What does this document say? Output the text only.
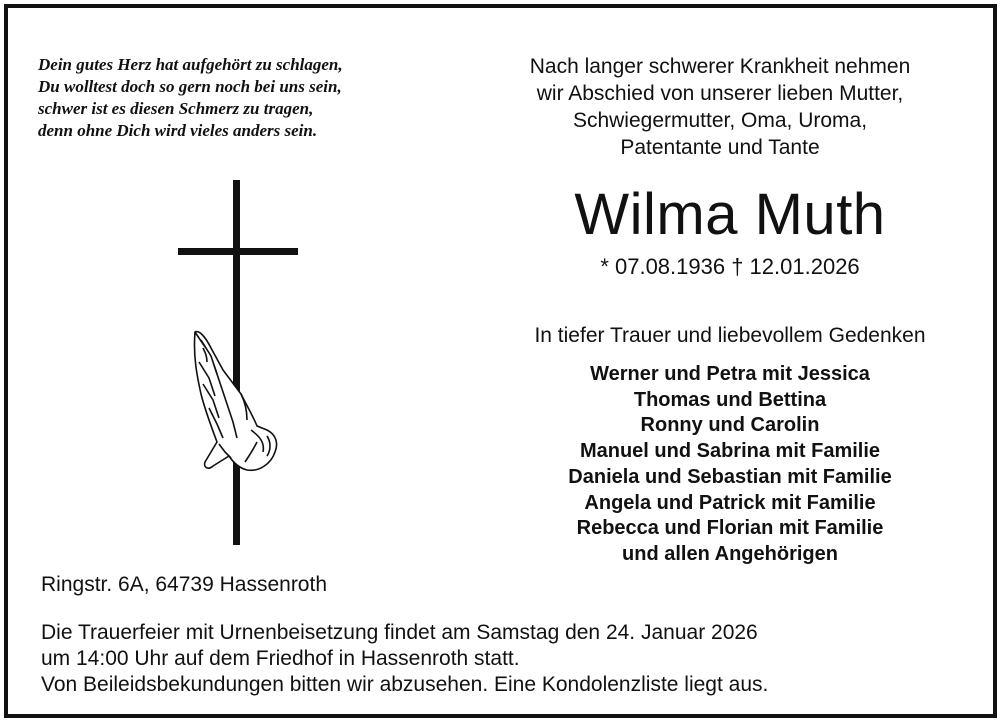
Dein gutes Herz hat aufgehört zu schlagen,
Du wolltest doch so gern noch bei uns sein,
schwer ist es diesen Schmerz zu tragen,
denn ohne Dich wird vieles anders sein.
Nach langer schwerer Krankheit nehmen
wir Abschied von unserer lieben Mutter,
Schwiegermutter, Oma, Uroma,
Patentante und Tante
Wilma Muth
* 07.08.1936 † 12.01.2026
In tiefer Trauer und liebevollem Gedenken
Werner und Petra mit Jessica
Thomas und Bettina
Ronny und Carolin
Manuel und Sabrina mit Familie
Daniela und Sebastian mit Familie
Angela und Patrick mit Familie
Rebecca und Florian mit Familie
und allen Angehörigen
Ringstr. 6A, 64739 Hassenroth
Die Trauerfeier mit Urnenbeisetzung findet am Samstag den 24. Januar 2026
um 14:00 Uhr auf dem Friedhof in Hassenroth statt.
Von Beileidsbekundungen bitten wir abzusehen. Eine Kondolenzliste liegt aus.
